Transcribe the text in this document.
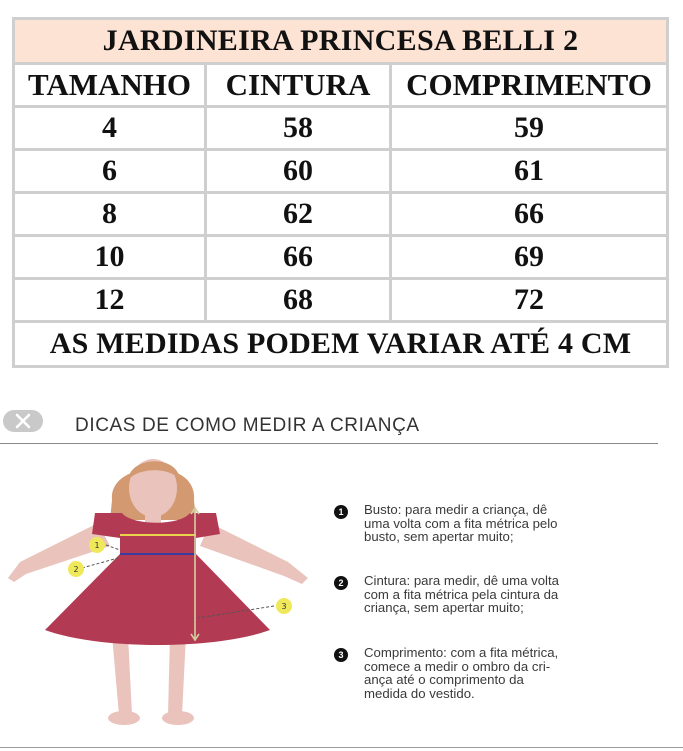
JARDINEIRA PRINCESA BELLI 2		
TAMANHO	CINTURA	COMPRIMENTO
4	58	59
6	60	61
8	62	66
10	66	69
12	68	72
AS MEDIDAS PODEM VARIAR ATÉ 4 CM		
DICAS DE COMO MEDIR A CRIANÇA
1
2
3
1	Busto: para medir a criança, dê
uma volta com a fita métrica pelo
busto, sem apertar muito;
2	Cintura: para medir, dê uma volta
com a fita métrica pela cintura da
criança, sem apertar muito;
3	Comprimento: com a fita métrica,
comece a medir o ombro da cri-
ança até o comprimento da
medida do vestido.
